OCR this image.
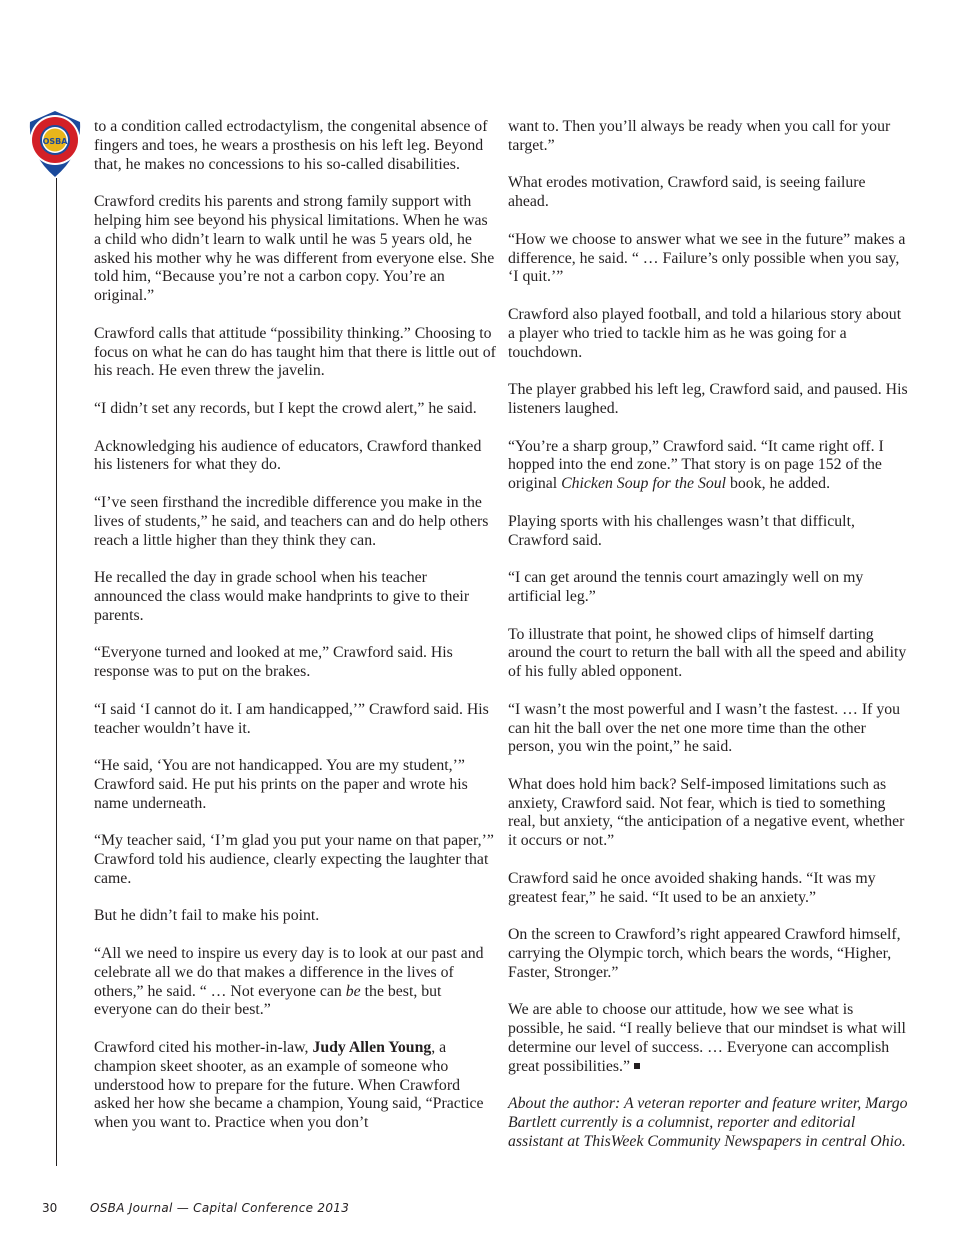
OSBA

to a condition called ectrodactylism, the congenital absence of fingers and toes, he wears a prosthesis on his left leg. Beyond that, he makes no concessions to his so-called disabilities.

Crawford credits his parents and strong family support with helping him see beyond his physical limitations. When he was a child who didn’t learn to walk until he was 5 years old, he asked his mother why he was different from everyone else. She told him, “Because you’re not a carbon copy. You’re an original.”

Crawford calls that attitude “possibility thinking.” Choosing to focus on what he can do has taught him that there is little out of his reach. He even threw the javelin.

“I didn’t set any records, but I kept the crowd alert,” he said.

Acknowledging his audience of educators, Crawford thanked his listeners for what they do.

“I’ve seen firsthand the incredible difference you make in the lives of students,” he said, and teachers can and do help others reach a little higher than they think they can.

He recalled the day in grade school when his teacher announced the class would make handprints to give to their parents.

“Everyone turned and looked at me,” Crawford said. His response was to put on the brakes.

“I said ‘I cannot do it. I am handicapped,’” Crawford said. His teacher wouldn’t have it.

“He said, ‘You are not handicapped. You are my student,’” Crawford said. He put his prints on the paper and wrote his name underneath.

“My teacher said, ‘I’m glad you put your name on that paper,’” Crawford told his audience, clearly expecting the laughter that came.

But he didn’t fail to make his point.

“All we need to inspire us every day is to look at our past and celebrate all we do that makes a difference in the lives of others,” he said. “ … Not everyone can be the best, but everyone can do their best.”

Crawford cited his mother-in-law, Judy Allen Young, a champion skeet shooter, as an example of someone who understood how to prepare for the future. When Crawford asked her how she became a champion, Young said, “Practice when you want to. Practice when you don’t

want to. Then you’ll always be ready when you call for your target.”

What erodes motivation, Crawford said, is seeing failure ahead.

“How we choose to answer what we see in the future” makes a difference, he said. “ … Failure’s only possible when you say, ‘I quit.’”

Crawford also played football, and told a hilarious story about a player who tried to tackle him as he was going for a touchdown.

The player grabbed his left leg, Crawford said, and paused. His listeners laughed.

“You’re a sharp group,” Crawford said. “It came right off. I hopped into the end zone.” That story is on page 152 of the original Chicken Soup for the Soul book, he added.

Playing sports with his challenges wasn’t that difficult, Crawford said.

“I can get around the tennis court amazingly well on my artificial leg.”

To illustrate that point, he showed clips of himself darting around the court to return the ball with all the speed and ability of his fully abled opponent.

“I wasn’t the most powerful and I wasn’t the fastest. … If you can hit the ball over the net one more time than the other person, you win the point,” he said.

What does hold him back? Self-imposed limitations such as anxiety, Crawford said. Not fear, which is tied to something real, but anxiety, “the anticipation of a negative event, whether it occurs or not.”

Crawford said he once avoided shaking hands. “It was my greatest fear,” he said. “It used to be an anxiety.”

On the screen to Crawford’s right appeared Crawford himself, carrying the Olympic torch, which bears the words, “Higher, Faster, Stronger.”

We are able to choose our attitude, how we see what is possible, he said. “I really believe that our mindset is what will determine our level of success. … Everyone can accomplish great possibilities.”

About the author: A veteran reporter and feature writer, Margo Bartlett currently is a columnist, reporter and editorial assistant at ThisWeek Community Newspapers in central Ohio.

30	OSBA Journal — Capital Conference 2013
